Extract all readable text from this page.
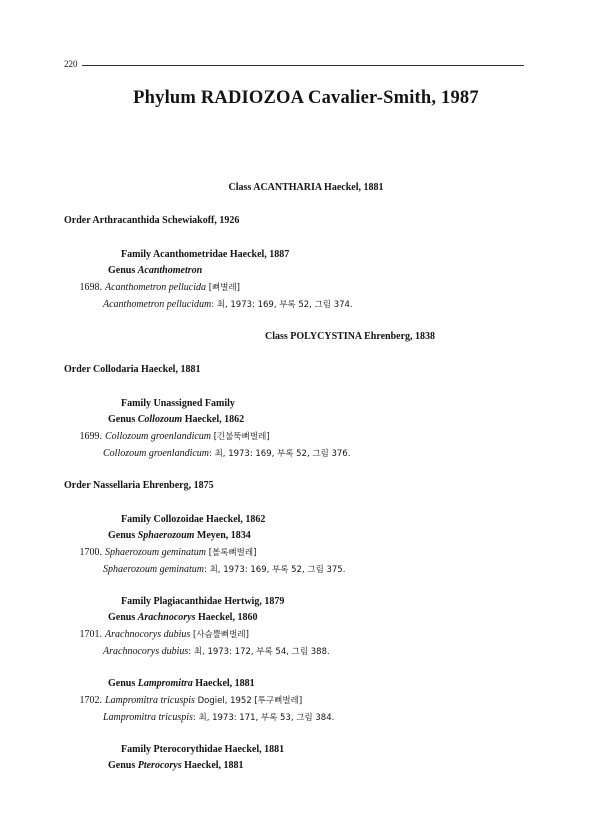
220
Phylum RADIOZOA Cavalier-Smith, 1987
Class ACANTHARIA Haeckel, 1881
Order Arthracanthida Schewiakoff, 1926
Family Acanthometridae Haeckel, 1887
Genus Acanthometron
1698. Acanthometron pellucida [뼈별레]
Acanthometron pellucidum: 최, 1973: 169, 부록 52, 그림 374.
Class POLYCYSTINA Ehrenberg, 1838
Order Collodaria Haeckel, 1881
Family Unassigned Family
Genus Collozoum Haeckel, 1862
1699. Collozoum groenlandicum [긴불뚝뼈벌레]
Collozoum groenlandicum: 최, 1973: 169, 부록 52, 그림 376.
Order Nassellaria Ehrenberg, 1875
Family Collozoidae Haeckel, 1862
Genus Sphaerozoum Meyen, 1834
1700. Sphaerozoum geminatum [볼록뼈벌레]
Sphaerozoum geminatum: 최, 1973: 169, 부록 52, 그림 375.
Family Plagiacanthidae Hertwig, 1879
Genus Arachnocorys Haeckel, 1860
1701. Arachnocorys dubius [사슴뿔뼈벌레]
Arachnocorys dubius: 최, 1973: 172, 부록 54, 그림 388.
Genus Lampromitra Haeckel, 1881
1702. Lampromitra tricuspis Dogiel, 1952 [투구뼈벌레]
Lampromitra tricuspis: 최, 1973: 171, 부록 53, 그림 384.
Family Pterocorythidae Haeckel, 1881
Genus Pterocorys Haeckel, 1881
